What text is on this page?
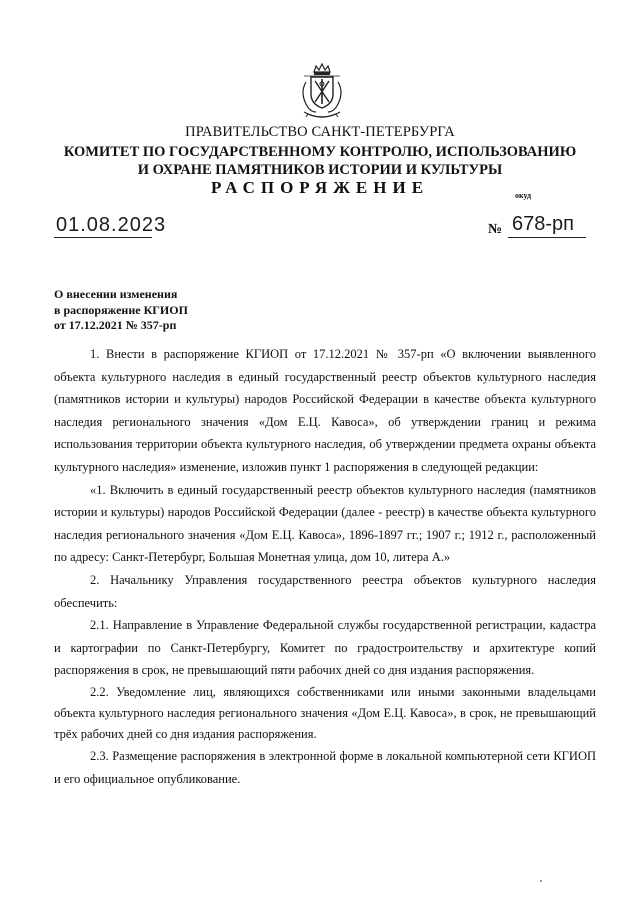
ПРАВИТЕЛЬСТВО САНКТ-ПЕТЕРБУРГА
КОМИТЕТ ПО ГОСУДАРСТВЕННОМУ КОНТРОЛЮ, ИСПОЛЬЗОВАНИЮ
И ОХРАНЕ ПАМЯТНИКОВ ИСТОРИИ И КУЛЬТУРЫ
РАСПОРЯЖЕНИЕ	окуд
01.08.2023	№ 678-рп
О внесении изменения
в распоряжение КГИОП
от 17.12.2021 № 357-рп

1. Внести в распоряжение КГИОП от 17.12.2021 № 357-рп «О включении выявленного объекта культурного наследия в единый государственный реестр объектов культурного наследия (памятников истории и культуры) народов Российской Федерации в качестве объекта культурного наследия регионального значения «Дом Е.Ц. Кавоса», об утверждении границ и режима использования территории объекта культурного наследия, об утверждении предмета охраны объекта культурного наследия» изменение, изложив пункт 1 распоряжения в следующей редакции:

«1. Включить в единый государственный реестр объектов культурного наследия (памятников истории и культуры) народов Российской Федерации (далее - реестр) в качестве объекта культурного наследия регионального значения «Дом Е.Ц. Кавоса», 1896-1897 гг.; 1907 г.; 1912 г., расположенный по адресу: Санкт-Петербург, Большая Монетная улица, дом 10, литера А.»

2. Начальнику Управления государственного реестра объектов культурного наследия обеспечить:

2.1. Направление в Управление Федеральной службы государственной регистрации, кадастра и картографии по Санкт-Петербургу, Комитет по градостроительству и архитектуре копий распоряжения в срок, не превышающий пяти рабочих дней со дня издания распоряжения.

2.2. Уведомление лиц, являющихся собственниками или иными законными владельцами объекта культурного наследия регионального значения «Дом Е.Ц. Кавоса», в срок, не превышающий трёх рабочих дней со дня издания распоряжения.

2.3. Размещение распоряжения в электронной форме в локальной компьютерной сети КГИОП и его официальное опубликование.
